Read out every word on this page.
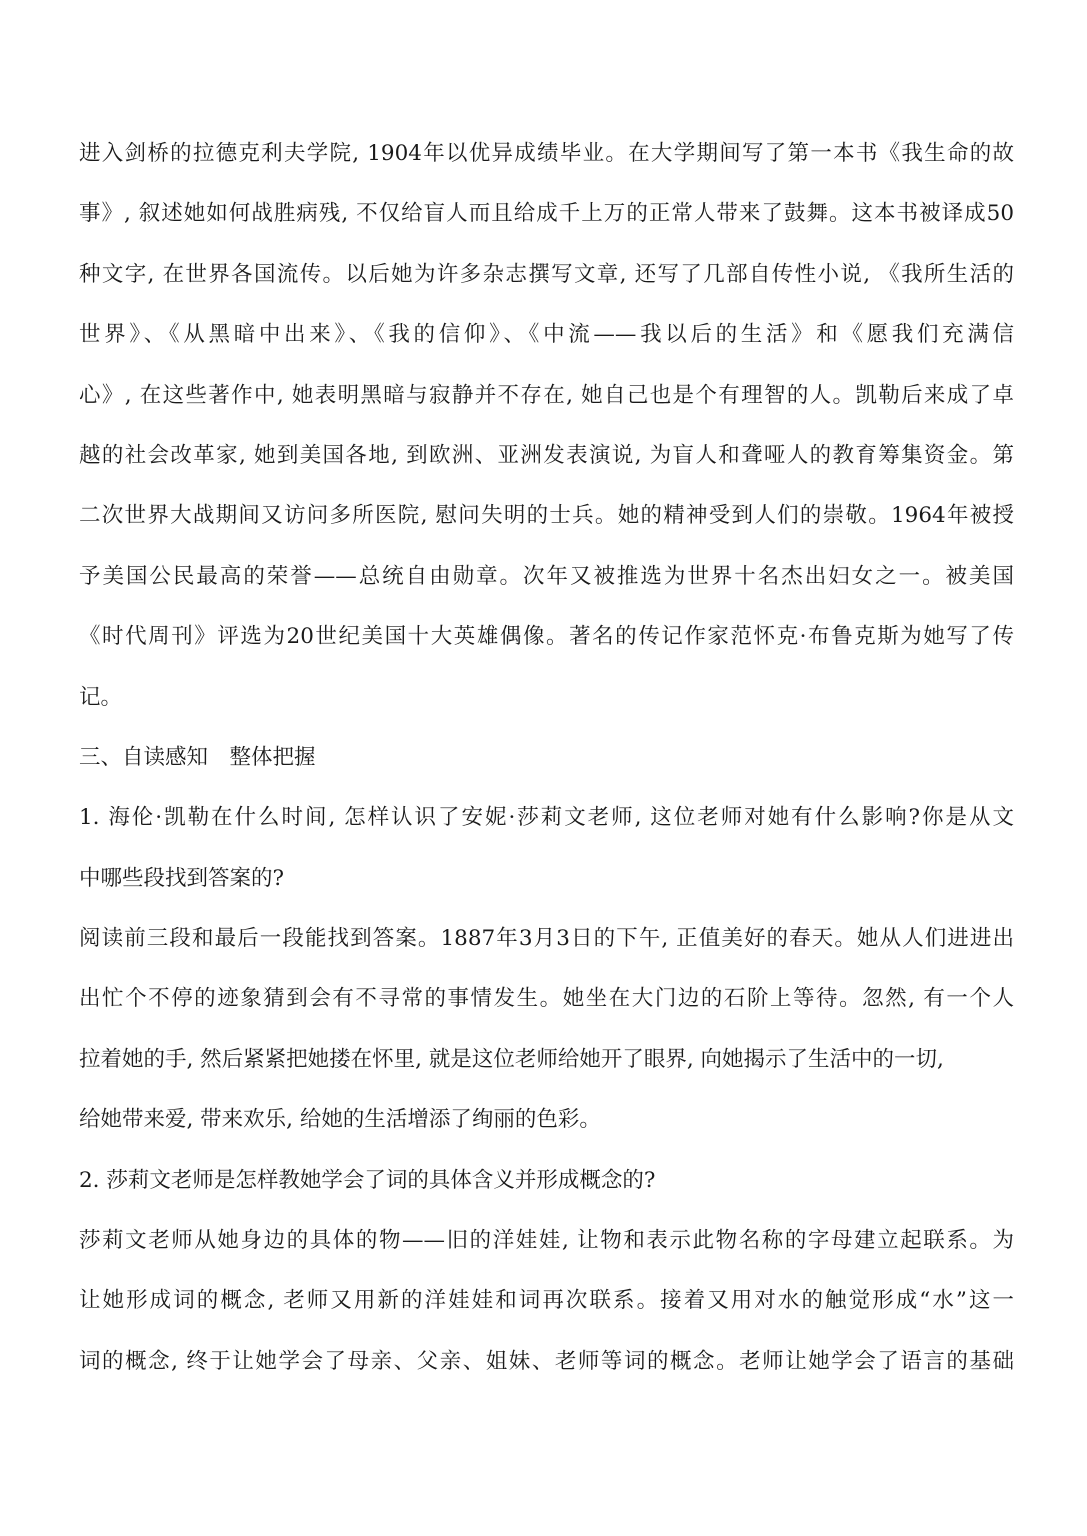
进入剑桥的拉德克利夫学院, 1904年以优异成绩毕业。在大学期间写了第一本书《我生命的故
事》, 叙述她如何战胜病残, 不仅给盲人而且给成千上万的正常人带来了鼓舞。这本书被译成50
种文字, 在世界各国流传。以后她为许多杂志撰写文章, 还写了几部自传性小说, 《我所生活的
世界》、《从黑暗中出来》、《我的信仰》、《中流——我以后的生活》和《愿我们充满信
心》, 在这些著作中, 她表明黑暗与寂静并不存在, 她自己也是个有理智的人。凯勒后来成了卓
越的社会改革家, 她到美国各地, 到欧洲、亚洲发表演说, 为盲人和聋哑人的教育筹集资金。第
二次世界大战期间又访问多所医院, 慰问失明的士兵。她的精神受到人们的崇敬。1964年被授
予美国公民最高的荣誉——总统自由勋章。次年又被推选为世界十名杰出妇女之一。被美国
《时代周刊》评选为20世纪美国十大英雄偶像。著名的传记作家范怀克·布鲁克斯为她写了传
记。
三、自读感知　整体把握
1. 海伦·凯勒在什么时间, 怎样认识了安妮·莎莉文老师, 这位老师对她有什么影响?你是从文
中哪些段找到答案的?
阅读前三段和最后一段能找到答案。1887年3月3日的下午, 正值美好的春天。她从人们进进出
出忙个不停的迹象猜到会有不寻常的事情发生。她坐在大门边的石阶上等待。忽然, 有一个人
拉着她的手, 然后紧紧把她搂在怀里, 就是这位老师给她开了眼界, 向她揭示了生活中的一切,
给她带来爱, 带来欢乐, 给她的生活增添了绚丽的色彩。
2. 莎莉文老师是怎样教她学会了词的具体含义并形成概念的?
莎莉文老师从她身边的具体的物——旧的洋娃娃, 让物和表示此物名称的字母建立起联系。为
让她形成词的概念, 老师又用新的洋娃娃和词再次联系。接着又用对水的触觉形成“水”这一
词的概念, 终于让她学会了母亲、父亲、姐妹、老师等词的概念。老师让她学会了语言的基础
